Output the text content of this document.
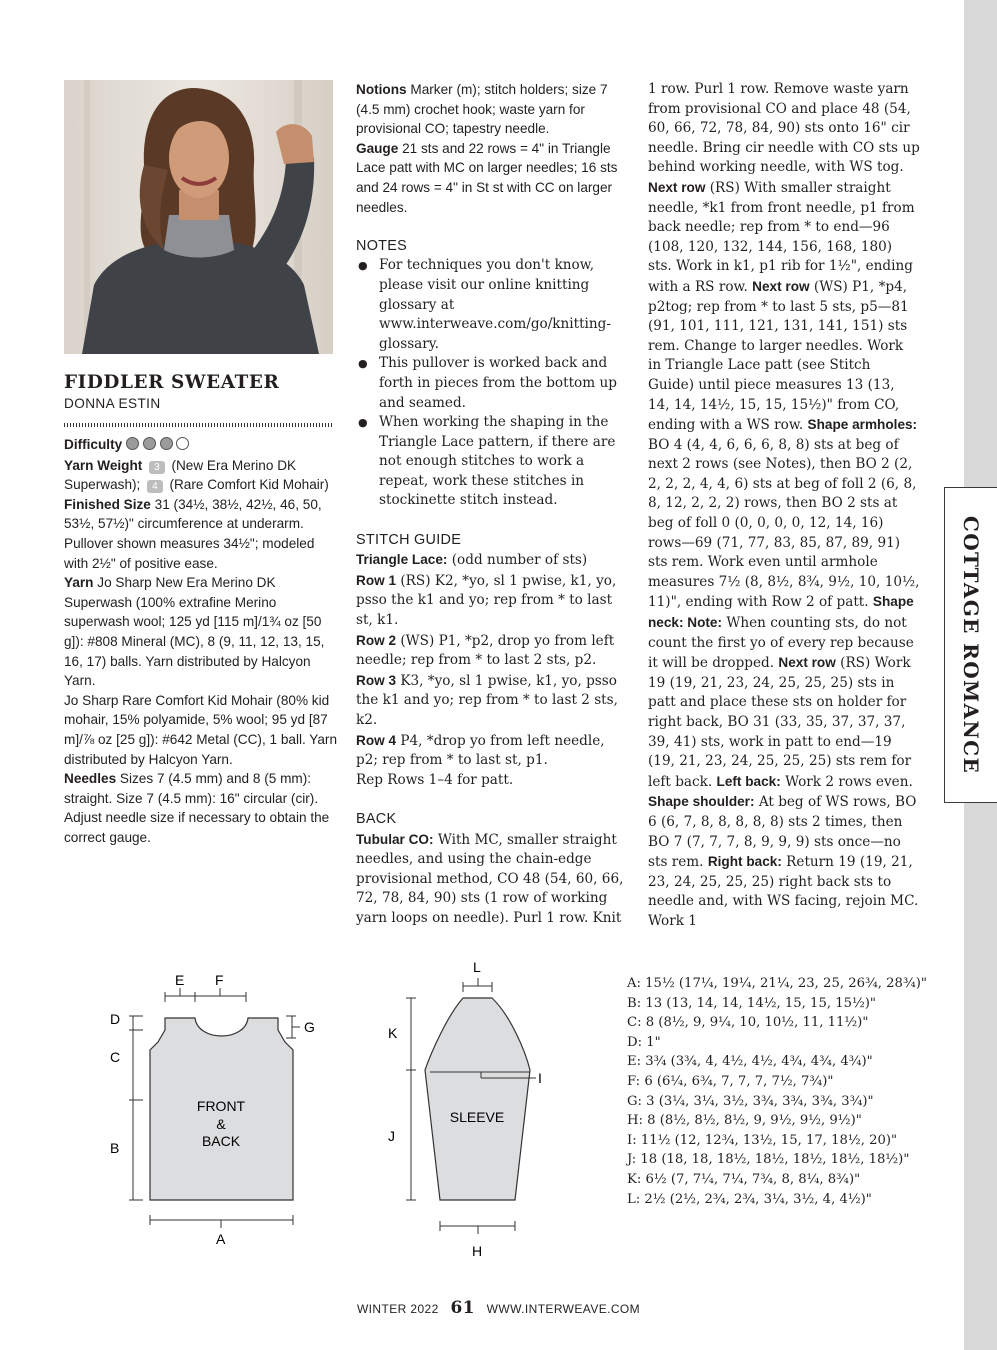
COTTAGE ROMANCE
FIDDLER SWEATER
DONNA ESTIN

Difficulty

Yarn Weight 3 (New Era Merino DK Superwash); 4 (Rare Comfort Kid Mohair)

Finished Size 31 (34½, 38½, 42½, 46, 50, 53½, 57½)" circumference at underarm. Pullover shown measures 34½"; modeled with 2½" of positive ease.

Yarn Jo Sharp New Era Merino DK Superwash (100% extrafine Merino superwash wool; 125 yd [115 m]/1¾ oz [50 g]): #808 Mineral (MC), 8 (9, 11, 12, 13, 15, 16, 17) balls. Yarn distributed by Halcyon Yarn.

Jo Sharp Rare Comfort Kid Mohair (80% kid mohair, 15% polyamide, 5% wool; 95 yd [87 m]/⅞ oz [25 g]): #642 Metal (CC), 1 ball. Yarn distributed by Halcyon Yarn.

Needles Sizes 7 (4.5 mm) and 8 (5 mm): straight. Size 7 (4.5 mm): 16" circular (cir). Adjust needle size if necessary to obtain the correct gauge.

Notions Marker (m); stitch holders; size 7 (4.5 mm) crochet hook; waste yarn for provisional CO; tapestry needle.

Gauge 21 sts and 22 rows = 4" in Triangle Lace patt with MC on larger needles; 16 sts and 24 rows = 4" in St st with CC on larger needles.

NOTES

● For techniques you don't know, please visit our online knitting glossary at www.interweave.com/go/knitting-glossary.
● This pullover is worked back and forth in pieces from the bottom up and seamed.
● When working the shaping in the Triangle Lace pattern, if there are not enough stitches to work a repeat, work these stitches in stockinette stitch instead.

STITCH GUIDE

Triangle Lace: (odd number of sts)

Row 1 (RS) K2, *yo, sl 1 pwise, k1, yo, psso the k1 and yo; rep from * to last st, k1.

Row 2 (WS) P1, *p2, drop yo from left needle; rep from * to last 2 sts, p2.

Row 3 K3, *yo, sl 1 pwise, k1, yo, psso the k1 and yo; rep from * to last 2 sts, k2.

Row 4 P4, *drop yo from left needle, p2; rep from * to last st, p1.

Rep Rows 1–4 for patt.

BACK

Tubular CO: With MC, smaller straight needles, and using the chain-edge provisional method, CO 48 (54, 60, 66, 72, 78, 84, 90) sts (1 row of working yarn loops on needle). Purl 1 row. Knit

1 row. Purl 1 row. Remove waste yarn from provisional CO and place 48 (54, 60, 66, 72, 78, 84, 90) sts onto 16" cir needle. Bring cir needle with CO sts up behind working needle, with WS tog. Next row (RS) With smaller straight needle, *k1 from front needle, p1 from back needle; rep from * to end—96 (108, 120, 132, 144, 156, 168, 180) sts. Work in k1, p1 rib for 1½", ending with a RS row. Next row (WS) P1, *p4, p2tog; rep from * to last 5 sts, p5—81 (91, 101, 111, 121, 131, 141, 151) sts rem. Change to larger needles. Work in Triangle Lace patt (see Stitch Guide) until piece measures 13 (13, 14, 14, 14½, 15, 15, 15½)" from CO, ending with a WS row. Shape armholes: BO 4 (4, 4, 6, 6, 6, 8, 8) sts at beg of next 2 rows (see Notes), then BO 2 (2, 2, 2, 2, 4, 4, 6) sts at beg of foll 2 (6, 8, 8, 12, 2, 2, 2) rows, then BO 2 sts at beg of foll 0 (0, 0, 0, 0, 12, 14, 16) rows—69 (71, 77, 83, 85, 87, 89, 91) sts rem. Work even until armhole measures 7½ (8, 8½, 8¾, 9½, 10, 10½, 11)", ending with Row 2 of patt. Shape neck: Note: When counting sts, do not count the first yo of every rep because it will be dropped. Next row (RS) Work 19 (19, 21, 23, 24, 25, 25, 25) sts in patt and place these sts on holder for right back, BO 31 (33, 35, 37, 37, 37, 39, 41) sts, work in patt to end—19 (19, 21, 23, 24, 25, 25, 25) sts rem for left back. Left back: Work 2 rows even. Shape shoulder: At beg of WS rows, BO 6 (6, 7, 8, 8, 8, 8, 8) sts 2 times, then BO 7 (7, 7, 7, 8, 9, 9, 9) sts once—no sts rem. Right back: Return 19 (19, 21, 23, 24, 25, 25, 25) right back sts to needle and, with WS facing, rejoin MC. Work 1

D
C
B
E F
G
A
FRONT
&
BACK
L
K
J
I
SLEEVE
H

A: 15½ (17¼, 19¼, 21¼, 23, 25, 26¾, 28¾)"

B: 13 (13, 14, 14, 14½, 15, 15, 15½)"

C: 8 (8½, 9, 9¼, 10, 10½, 11, 11½)"

D: 1"

E: 3¾ (3¾, 4, 4½, 4½, 4¾, 4¾, 4¾)"

F: 6 (6¼, 6¾, 7, 7, 7, 7½, 7¾)"

G: 3 (3¼, 3¼, 3½, 3¾, 3¾, 3¾, 3¾)"

H: 8 (8½, 8½, 8½, 9, 9½, 9½, 9½)"

I: 11½ (12, 12¾, 13½, 15, 17, 18½, 20)"

J: 18 (18, 18, 18½, 18½, 18½, 18½, 18½)"

K: 6½ (7, 7¼, 7¼, 7¾, 8, 8¼, 8¾)"

L: 2½ (2½, 2¾, 2¾, 3¼, 3½, 4, 4½)"

WINTER 2022 61 WWW.INTERWEAVE.COM
